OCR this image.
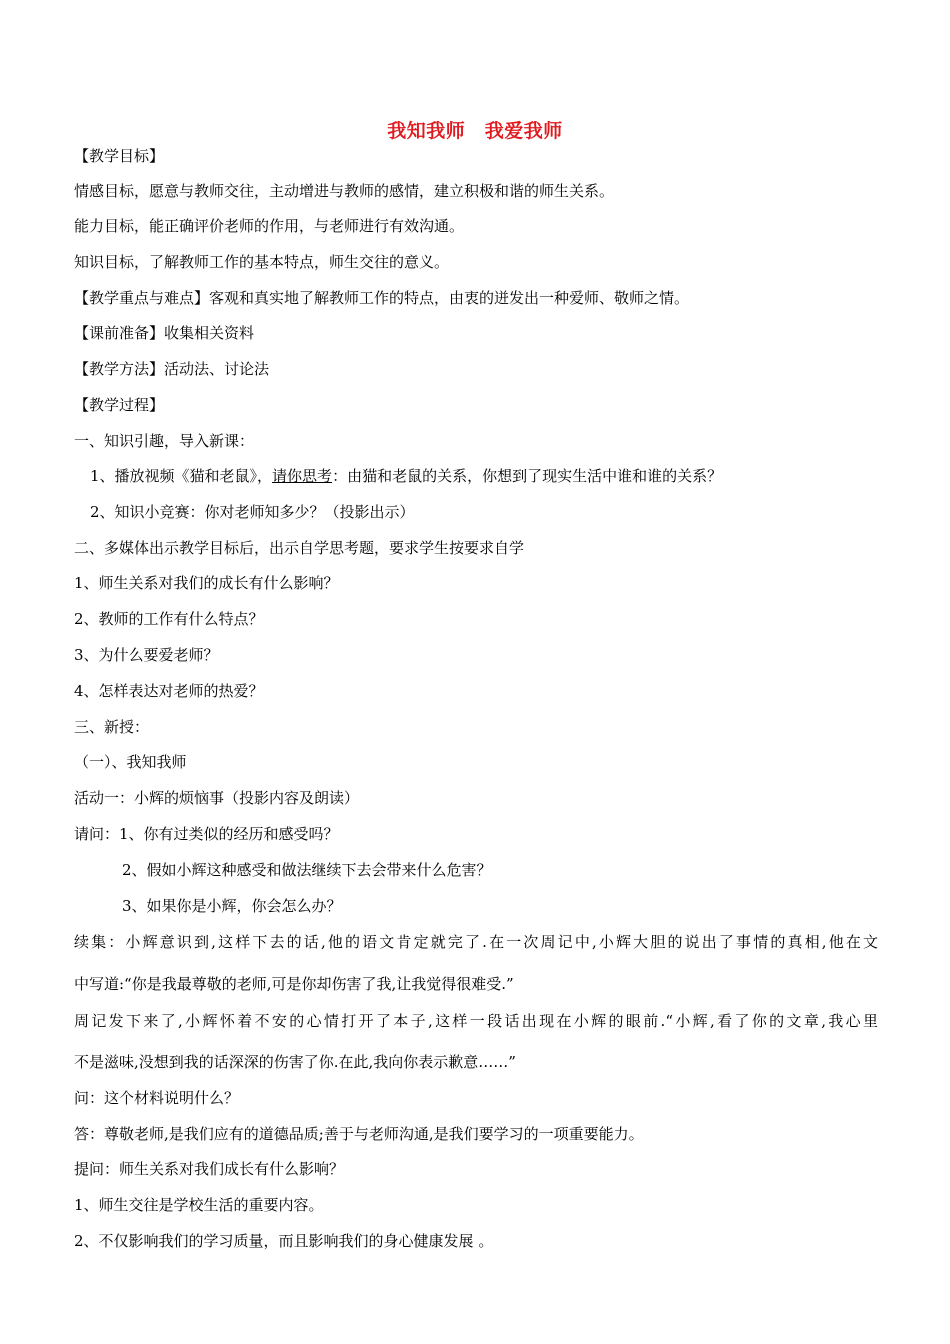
我知我师　我爱我师
【教学目标】
情感目标，愿意与教师交往，主动增进与教师的感情，建立积极和谐的师生关系。
能力目标，能正确评价老师的作用，与老师进行有效沟通。
知识目标，了解教师工作的基本特点，师生交往的意义。
【教学重点与难点】客观和真实地了解教师工作的特点，由衷的迸发出一种爱师、敬师之情。
【课前准备】收集相关资料
【教学方法】活动法、讨论法
【教学过程】
一、知识引趣，导入新课：
1、播放视频《猫和老鼠》，请你思考：由猫和老鼠的关系，你想到了现实生活中谁和谁的关系？
2、知识小竞赛：你对老师知多少？（投影出示）
二、多媒体出示教学目标后，出示自学思考题，要求学生按要求自学
1、师生关系对我们的成长有什么影响？
2、教师的工作有什么特点？
3、为什么要爱老师？
4、怎样表达对老师的热爱？
三、新授：
（一）、我知我师
活动一：小辉的烦恼事（投影内容及朗读）
请问：1、你有过类似的经历和感受吗？
2、假如小辉这种感受和做法继续下去会带来什么危害？
3、如果你是小辉，你会怎么办？
续集：小辉意识到,这样下去的话,他的语文肯定就完了.在一次周记中,小辉大胆的说出了事情的真相,他在文
中写道:“你是我最尊敬的老师,可是你却伤害了我,让我觉得很难受.”
周记发下来了,小辉怀着不安的心情打开了本子,这样一段话出现在小辉的眼前.“小辉,看了你的文章,我心里
不是滋味,没想到我的话深深的伤害了你.在此,我向你表示歉意……”
问：这个材料说明什么？
答：尊敬老师,是我们应有的道德品质;善于与老师沟通,是我们要学习的一项重要能力。
提问：师生关系对我们成长有什么影响？
1、师生交往是学校生活的重要内容。
2、不仅影响我们的学习质量，而且影响我们的身心健康发展 。
